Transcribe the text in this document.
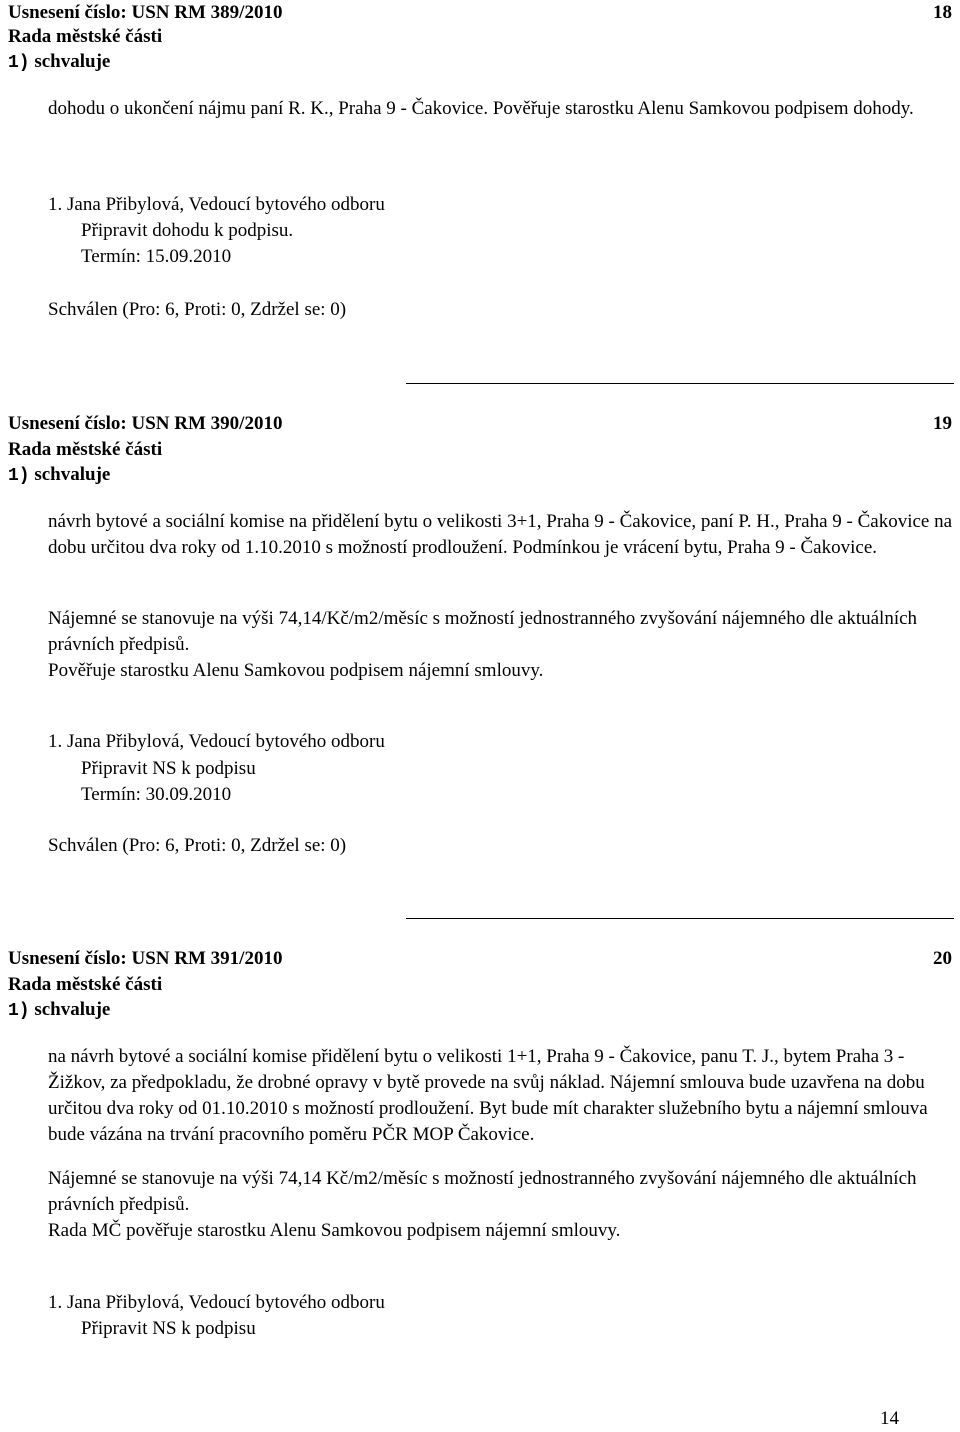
Usnesení číslo: USN RM 389/2010	18
Rada městské části
1) schvaluje
dohodu o ukončení nájmu paní R. K., Praha 9 - Čakovice. Pověřuje starostku Alenu Samkovou podpisem dohody.
1. Jana Přibylová, Vedoucí bytového odboru
Připravit dohodu k podpisu.
Termín: 15.09.2010
Schválen (Pro: 6, Proti: 0, Zdržel se: 0)
Usnesení číslo: USN RM 390/2010	19
Rada městské části
1) schvaluje
návrh bytové a sociální komise na přidělení bytu o velikosti 3+1, Praha 9 - Čakovice, paní P. H., Praha 9 - Čakovice na dobu určitou dva roky od 1.10.2010 s možností prodloužení. Podmínkou je vrácení bytu, Praha 9 - Čakovice.
Nájemné se stanovuje na výši 74,14/Kč/m2/měsíc s možností jednostranného zvyšování nájemného dle aktuálních právních předpisů.
Pověřuje starostku Alenu Samkovou podpisem nájemní smlouvy.
1. Jana Přibylová, Vedoucí bytového odboru
Připravit NS k podpisu
Termín: 30.09.2010
Schválen (Pro: 6, Proti: 0, Zdržel se: 0)
Usnesení číslo: USN RM 391/2010	20
Rada městské části
1) schvaluje
na návrh bytové a sociální komise přidělení bytu o velikosti 1+1, Praha 9 - Čakovice, panu T. J., bytem Praha 3 - Žižkov, za předpokladu, že drobné opravy v bytě provede na svůj náklad. Nájemní smlouva bude uzavřena na dobu určitou dva roky od 01.10.2010 s možností prodloužení. Byt bude mít charakter služebního bytu a nájemní smlouva bude vázána na trvání pracovního poměru PČR MOP Čakovice.
Nájemné se stanovuje na výši 74,14 Kč/m2/měsíc s možností jednostranného zvyšování nájemného dle aktuálních právních předpisů.
Rada MČ pověřuje starostku Alenu Samkovou podpisem nájemní smlouvy.
1. Jana Přibylová, Vedoucí bytového odboru
Připravit NS k podpisu
14
